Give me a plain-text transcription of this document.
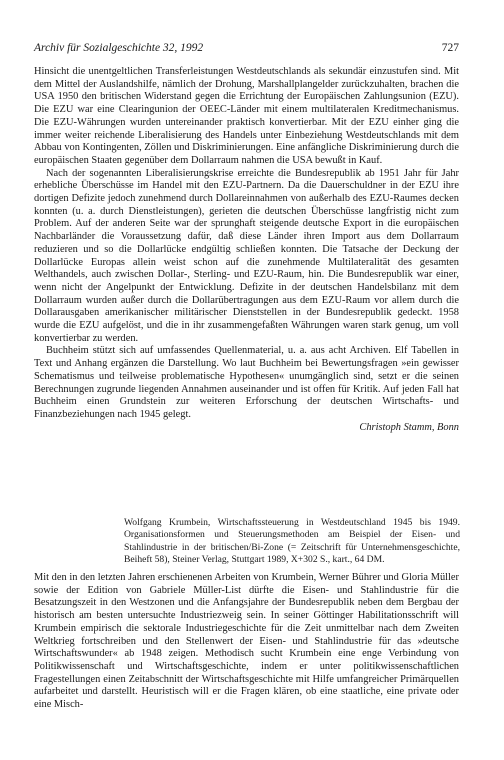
Archiv für Sozialgeschichte 32, 1992	727

Hinsicht die unentgeltlichen Transferleistungen Westdeutschlands als sekundär einzustufen sind. Mit dem Mittel der Auslandshilfe, nämlich der Drohung, Marshallplangelder zurückzuhalten, brachen die USA 1950 den britischen Widerstand gegen die Errichtung der Europäischen Zahlungsunion (EZU). Die EZU war eine Clearingunion der OEEC-Länder mit einem multilateralen Kreditmechanismus. Die EZU-Währungen wurden untereinander praktisch konvertierbar. Mit der EZU einher ging die immer weiter reichende Liberalisierung des Handels unter Einbeziehung Westdeutschlands mit dem Abbau von Kontingenten, Zöllen und Diskriminierungen. Eine anfängliche Diskriminierung durch die europäischen Staaten gegenüber dem Dollarraum nahmen die USA bewußt in Kauf.

Nach der sogenannten Liberalisierungskrise erreichte die Bundesrepublik ab 1951 Jahr für Jahr erhebliche Überschüsse im Handel mit den EZU-Partnern. Da die Dauerschuldner in der EZU ihre dortigen Defizite jedoch zunehmend durch Dollareinnahmen von außerhalb des EZU-Raumes decken konnten (u. a. durch Dienstleistungen), gerieten die deutschen Überschüsse langfristig nicht zum Problem. Auf der anderen Seite war der sprunghaft steigende deutsche Export in die europäischen Nachbarländer die Voraussetzung dafür, daß diese Länder ihren Import aus dem Dollarraum reduzieren und so die Dollarlücke endgültig schließen konnten. Die Tatsache der Deckung der Dollarlücke Europas allein weist schon auf die zunehmende Multilateralität des gesamten Welthandels, auch zwischen Dollar-, Sterling- und EZU-Raum, hin. Die Bundesrepublik war einer, wenn nicht der Angelpunkt der Entwicklung. Defizite in der deutschen Handelsbilanz mit dem Dollarraum wurden außer durch die Dollarübertragungen aus dem EZU-Raum vor allem durch die Dollarausgaben amerikanischer militärischer Dienststellen in der Bundesrepublik gedeckt. 1958 wurde die EZU aufgelöst, und die in ihr zusammengefaßten Währungen waren stark genug, um voll konvertierbar zu werden.

Buchheim stützt sich auf umfassendes Quellenmaterial, u. a. aus acht Archiven. Elf Tabellen in Text und Anhang ergänzen die Darstellung. Wo laut Buchheim bei Bewertungsfragen »ein gewisser Schematismus und teilweise problematische Hypothesen« unumgänglich sind, setzt er die seinen Berechnungen zugrunde liegenden Annahmen auseinander und ist offen für Kritik. Auf jeden Fall hat Buchheim einen Grundstein zur weiteren Erforschung der deutschen Wirtschafts- und Finanzbeziehungen nach 1945 gelegt.

Christoph Stamm, Bonn

Wolfgang Krumbein, Wirtschaftssteuerung in Westdeutschland 1945 bis 1949. Organisationsformen und Steuerungsmethoden am Beispiel der Eisen- und Stahlindustrie in der britischen/Bi-Zone (= Zeitschrift für Unternehmensgeschichte, Beiheft 58), Steiner Verlag, Stuttgart 1989, X+302 S., kart., 64 DM.

Mit den in den letzten Jahren erschienenen Arbeiten von Krumbein, Werner Bührer und Gloria Müller sowie der Edition von Gabriele Müller-List dürfte die Eisen- und Stahlindustrie für die Besatzungszeit in den Westzonen und die Anfangsjahre der Bundesrepublik neben dem Bergbau der historisch am besten untersuchte Industriezweig sein. In seiner Göttinger Habilitationsschrift will Krumbein empirisch die sektorale Industriegeschichte für die Zeit unmittelbar nach dem Zweiten Weltkrieg fortschreiben und den Stellenwert der Eisen- und Stahlindustrie für das »deutsche Wirtschaftswunder« ab 1948 zeigen. Methodisch sucht Krumbein eine enge Verbindung von Politikwissenschaft und Wirtschaftsgeschichte, indem er unter politikwissenschaftlichen Fragestellungen einen Zeitabschnitt der Wirtschaftsgeschichte mit Hilfe umfangreicher Primärquellen aufarbeitet und darstellt. Heuristisch will er die Fragen klären, ob eine staatliche, eine private oder eine Misch-
